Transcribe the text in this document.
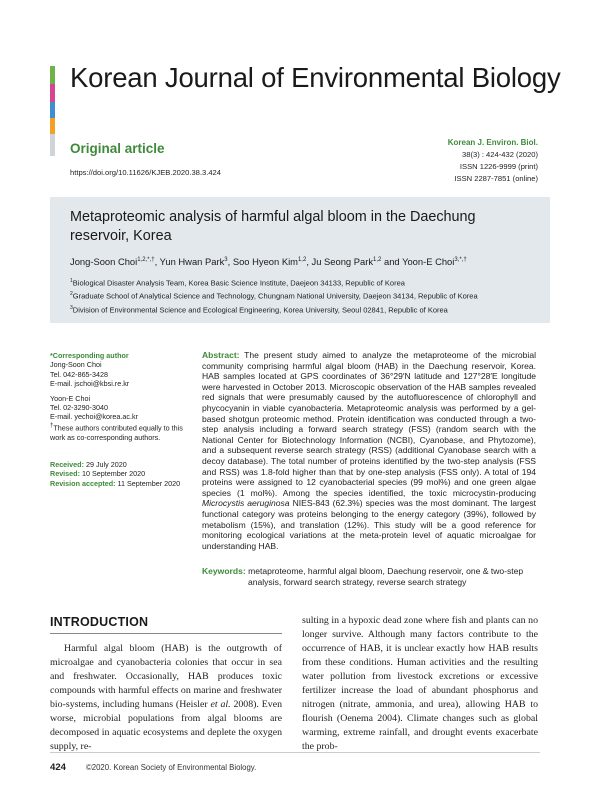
Korean Journal of Environmental Biology
Original article
https://doi.org/10.11626/KJEB.2020.38.3.424
Korean J. Environ. Biol.
38(3) : 424-432 (2020)
ISSN 1226-9999 (print)
ISSN 2287-7851 (online)
Metaproteomic analysis of harmful algal bloom in the Daechung reservoir, Korea
Jong-Soon Choi$^{1,2,*,\dagger}$, Yun Hwan Park$^3$, Soo Hyeon Kim$^{1,2}$, Ju Seong Park$^{1,2}$ and Yoon-E Choi$^{3,*,\dagger}$
$^1$Biological Disaster Analysis Team, Korea Basic Science Institute, Daejeon 34133, Republic of Korea
$^2$Graduate School of Analytical Science and Technology, Chungnam National University, Daejeon 34134, Republic of Korea
$^3$Division of Environmental Science and Ecological Engineering, Korea University, Seoul 02841, Republic of Korea
*Corresponding author
Jong-Soon Choi
Tel. 042-865-3428
E-mail. jschoi@kbsi.re.kr
Yoon-E Choi
Tel. 02-3290-3040
E-mail. yechoi@korea.ac.kr
†These authors contributed equally to this work as co-corresponding authors.
Received: 29 July 2020
Revised: 10 September 2020
Revision accepted: 11 September 2020
Abstract: The present study aimed to analyze the metaproteome of the microbial community comprising harmful algal bloom (HAB) in the Daechung reservoir, Korea. HAB samples located at GPS coordinates of 36°29′N latitude and 127°28′E longitude were harvested in October 2013. Microscopic observation of the HAB samples revealed red signals that were presumably caused by the autofluorescence of chlorophyll and phycocyanin in viable cyanobacteria. Metaproteomic analysis was performed by a gel-based shotgun proteomic method. Protein identification was conducted through a two-step analysis including a forward search strategy (FSS) (random search with the National Center for Biotechnology Information (NCBI), Cyanobase, and Phytozome), and a subsequent reverse search strategy (RSS) (additional Cyanobase search with a decoy database). The total number of proteins identified by the two-step analysis (FSS and RSS) was 1.8-fold higher than that by one-step analysis (FSS only). A total of 194 proteins were assigned to 12 cyanobacterial species (99 mol%) and one green algae species (1 mol%). Among the species identified, the toxic microcystin-producing Microcystis aeruginosa NIES-843 (62.3%) species was the most dominant. The largest functional category was proteins belonging to the energy category (39%), followed by metabolism (15%), and translation (12%). This study will be a good reference for monitoring ecological variations at the meta-protein level of aquatic microalgae for understanding HAB.
Keywords: metaproteome, harmful algal bloom, Daechung reservoir, one & two-step
analysis, forward search strategy, reverse search strategy
INTRODUCTION
Harmful algal bloom (HAB) is the outgrowth of microalgae and cyanobacteria colonies that occur in sea and freshwater. Occasionally, HAB produces toxic compounds with harmful effects on marine and freshwater bio-systems, including humans (Heisler et al. 2008). Even worse, microbial populations from algal blooms are decomposed in aquatic ecosystems and deplete the oxygen supply, re-
sulting in a hypoxic dead zone where fish and plants can no longer survive. Although many factors contribute to the occurrence of HAB, it is unclear exactly how HAB results from these conditions. Human activities and the resulting water pollution from livestock excretions or excessive fertilizer increase the load of abundant phosphorus and nitrogen (nitrate, ammonia, and urea), allowing HAB to flourish (Oenema 2004). Climate changes such as global warming, extreme rainfall, and drought events exacerbate the prob-
424	©2020. Korean Society of Environmental Biology.
